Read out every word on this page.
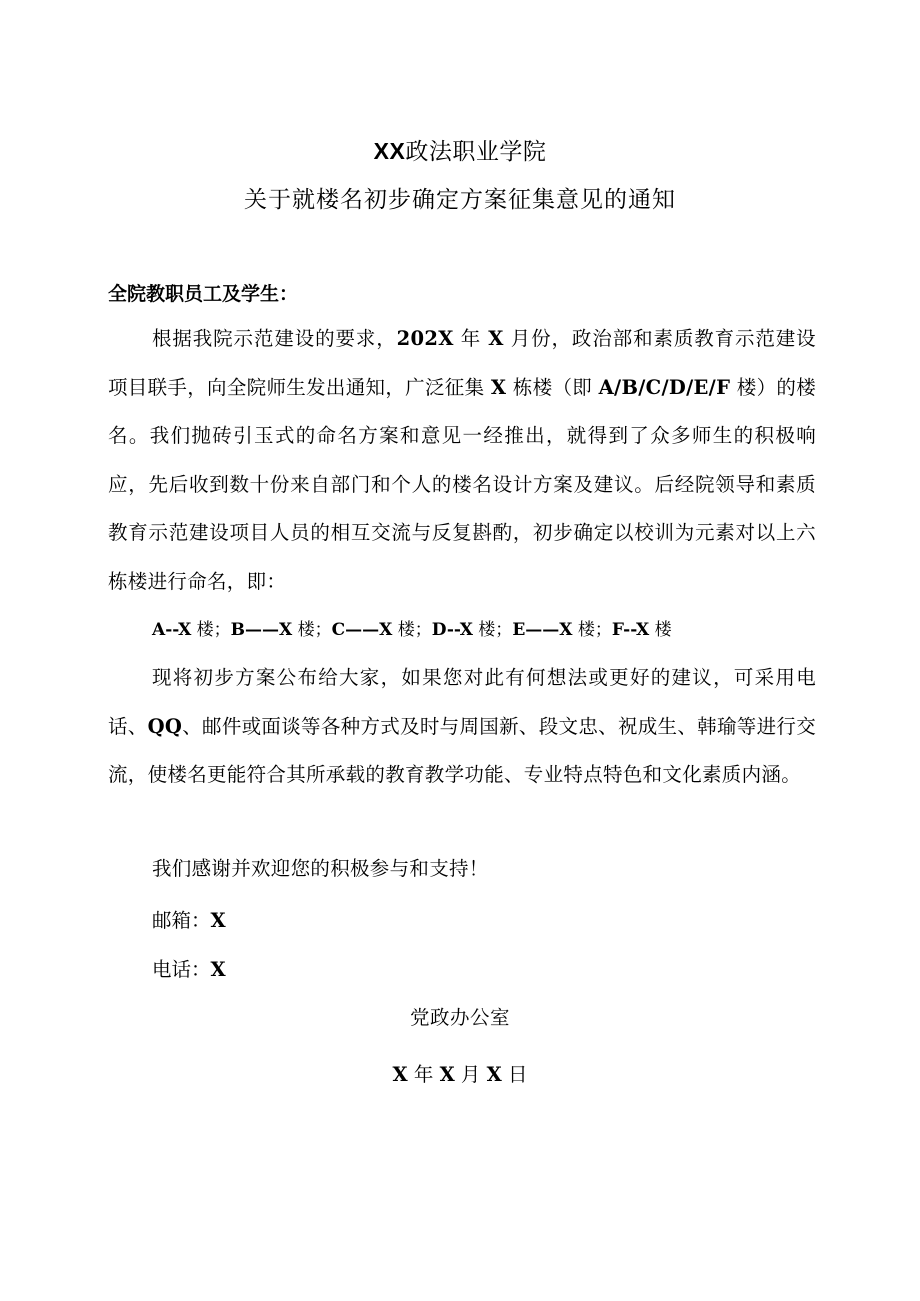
XX政法职业学院
关于就楼名初步确定方案征集意见的通知
全院教职员工及学生：
根据我院示范建设的要求，202X 年 X 月份，政治部和素质教育示范建设项目联手，向全院师生发出通知，广泛征集 X 栋楼（即 A/B/C/D/E/F 楼）的楼名。我们抛砖引玉式的命名方案和意见一经推出，就得到了众多师生的积极响应，先后收到数十份来自部门和个人的楼名设计方案及建议。后经院领导和素质教育示范建设项目人员的相互交流与反复斟酌，初步确定以校训为元素对以上六栋楼进行命名，即：
A--X 楼；B——X 楼；C——X 楼；D--X 楼；E——X 楼；F--X 楼
现将初步方案公布给大家，如果您对此有何想法或更好的建议，可采用电话、QQ、邮件或面谈等各种方式及时与周国新、段文忠、祝成生、韩瑜等进行交流，使楼名更能符合其所承载的教育教学功能、专业特点特色和文化素质内涵。
我们感谢并欢迎您的积极参与和支持！
邮箱：X
电话：X
党政办公室
X 年 X 月 X 日
